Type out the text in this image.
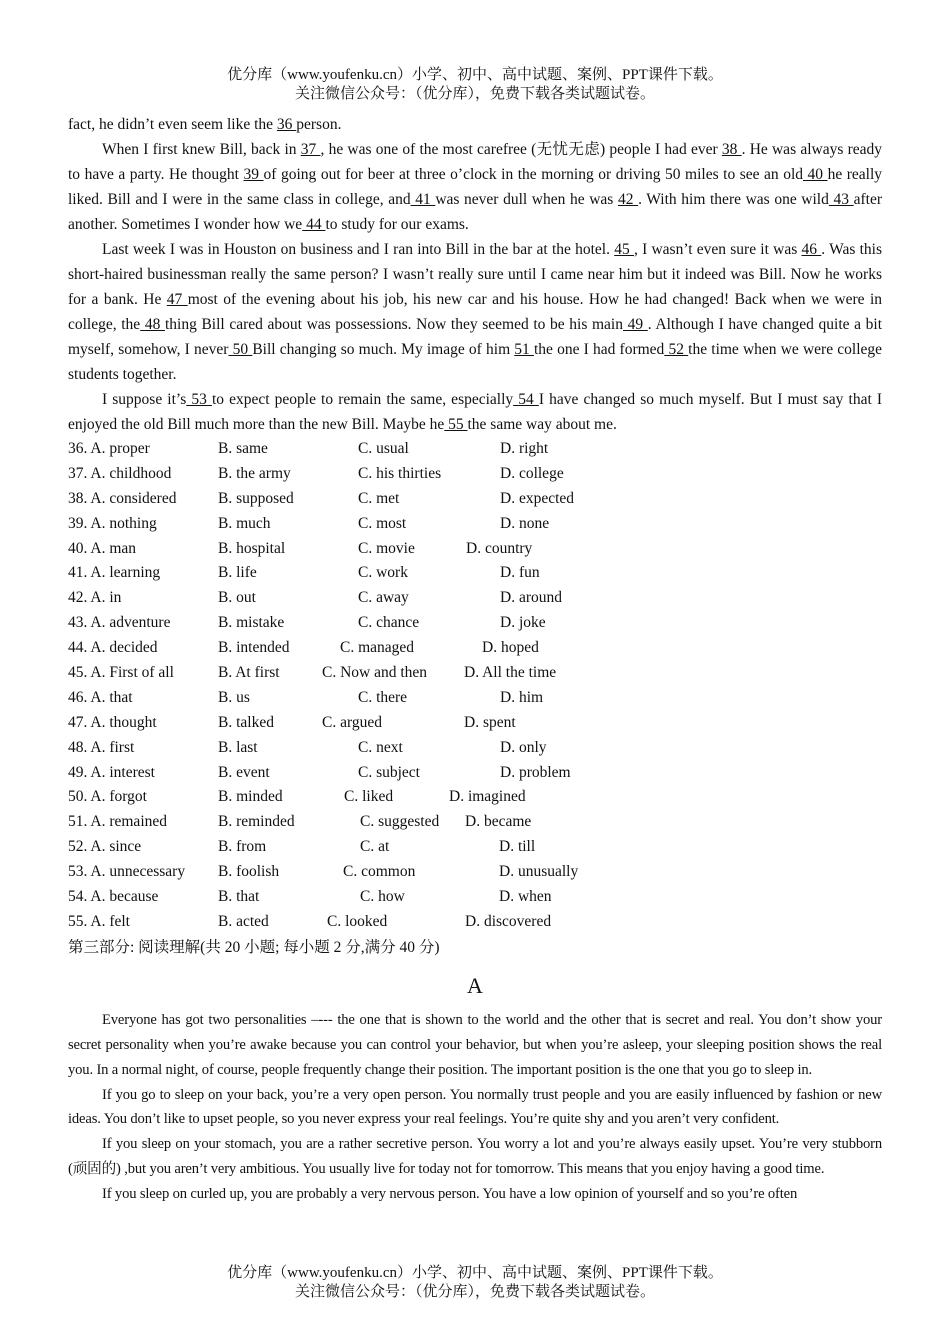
优分库（www.youfenku.cn）小学、初中、高中试题、案例、PPT课件下载。
关注微信公众号：（优分库），免费下载各类试题试卷。

fact, he didn’t even seem like the 36 person.

When I first knew Bill, back in 37 , he was one of the most carefree (无忧无虑) people I had ever 38 . He was always ready to have a party. He thought 39 of going out for beer at three o’clock in the morning or driving 50 miles to see an old 40 he really liked. Bill and I were in the same class in college, and 41 was never dull when he was 42 . With him there was one wild 43 after another. Sometimes I wonder how we 44 to study for our exams.

Last week I was in Houston on business and I ran into Bill in the bar at the hotel. 45 , I wasn’t even sure it was 46 . Was this short-haired businessman really the same person? I wasn’t really sure until I came near him but it indeed was Bill. Now he works for a bank. He 47 most of the evening about his job, his new car and his house. How he had changed! Back when we were in college, the 48 thing Bill cared about was possessions. Now they seemed to be his main 49 . Although I have changed quite a bit myself, somehow, I never 50 Bill changing so much. My image of him 51 the one I had formed 52 the time when we were college students together.

I suppose it’s 53 to expect people to remain the same, especially 54 I have changed so much myself. But I must say that I enjoyed the old Bill much more than the new Bill. Maybe he 55 the same way about me.

36. A. proper	B. same	C. usual	D. right
37. A. childhood	B. the army	C. his thirties	D. college
38. A. considered	B. supposed	C. met	D. expected
39. A. nothing	B. much	C. most	D. none
40. A. man	B. hospital	C. movie	D. country
41. A. learning	B. life	C. work	D. fun
42. A. in	B. out	C. away	D. around
43. A. adventure	B. mistake	C. chance	D. joke
44. A. decided	B. intended	C. managed	D. hoped
45. A. First of all	B. At first	C. Now and then	D. All the time
46. A. that	B. us	C. there	D. him
47. A. thought	B. talked	C. argued	D. spent
48. A. first	B. last	C. next	D. only
49. A. interest	B. event	C. subject	D. problem
50. A. forgot	B. minded	C. liked	D. imagined
51. A. remained	B. reminded	C. suggested	D. became
52. A. since	B. from	C. at	D. till
53. A. unnecessary	B. foolish	C. common	D. unusually
54. A. because	B. that	C. how	D. when
55. A. felt	B. acted	C. looked	D. discovered

第三部分: 阅读理解(共 20 小题; 每小题 2 分,满分 40 分)

A

Everyone has got two personalities –--- the one that is shown to the world and the other that is secret and real. You don’t show your secret personality when you’re awake because you can control your behavior, but when you’re asleep, your sleeping position shows the real you. In a normal night, of course, people frequently change their position. The important position is the one that you go to sleep in.

If you go to sleep on your back, you’re a very open person. You normally trust people and you are easily influenced by fashion or new ideas. You don’t like to upset people, so you never express your real feelings. You’re quite shy and you aren’t very confident.

If you sleep on your stomach, you are a rather secretive person. You worry a lot and you’re always easily upset. You’re very stubborn (顽固的) ,but you aren’t very ambitious. You usually live for today not for tomorrow. This means that you enjoy having a good time.

If you sleep on curled up, you are probably a very nervous person. You have a low opinion of yourself and so you’re often

优分库（www.youfenku.cn）小学、初中、高中试题、案例、PPT课件下载。
关注微信公众号：（优分库），免费下载各类试题试卷。
